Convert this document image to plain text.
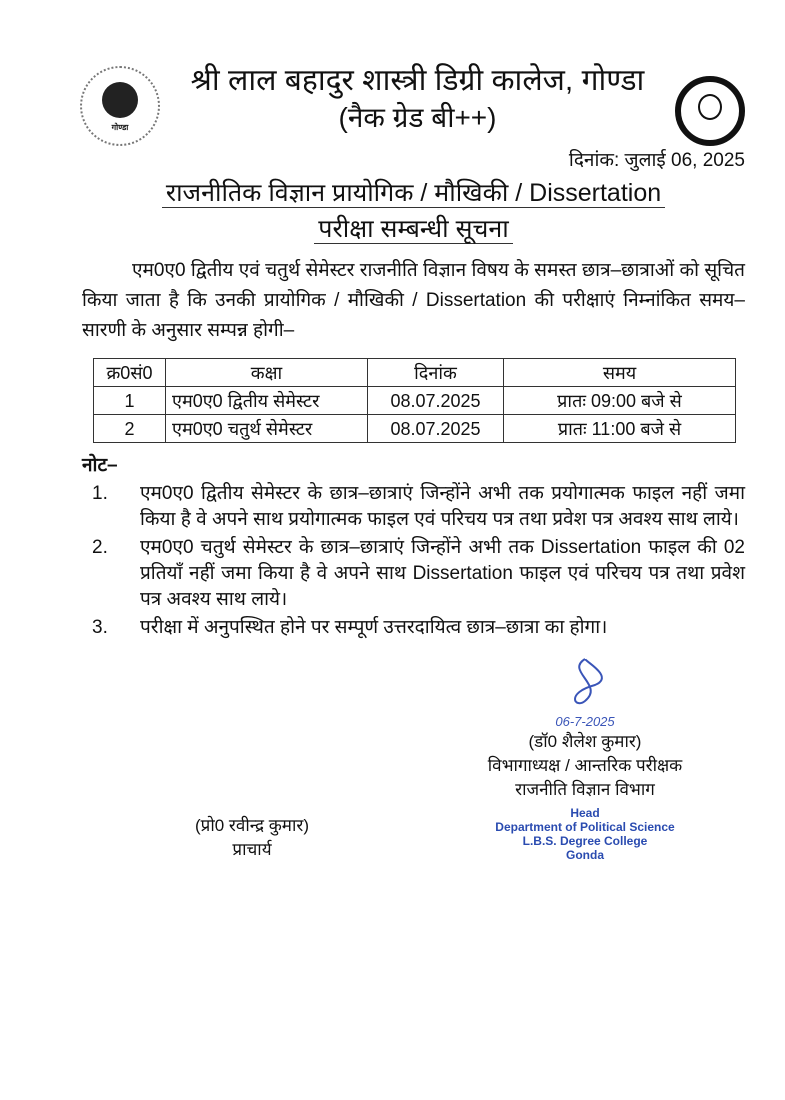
गोण्डा
श्री लाल बहादुर शास्त्री डिग्री कालेज, गोण्डा
(नैक ग्रेड बी++)
दिनांक: जुलाई 06, 2025
राजनीतिक विज्ञान प्रायोगिक / मौखिकी / Dissertation
परीक्षा सम्बन्धी सूचना

एम0ए0 द्वितीय एवं चतुर्थ सेमेस्टर राजनीति विज्ञान विषय के समस्त छात्र–छात्राओं को सूचित किया जाता है कि उनकी प्रायोगिक / मौखिकी / Dissertation की परीक्षाएं निम्नांकित समय–सारणी के अनुसार सम्पन्न होगी–

क्र0सं0	कक्षा	दिनांक	समय
1	एम0ए0 द्वितीय सेमेस्टर	08.07.2025	प्रातः 09:00 बजे से
2	एम0ए0 चतुर्थ सेमेस्टर	08.07.2025	प्रातः 11:00 बजे से
नोट–
1.	एम0ए0 द्वितीय सेमेस्टर के छात्र–छात्राएं जिन्होंने अभी तक प्रयोगात्मक फाइल नहीं जमा किया है वे अपने साथ प्रयोगात्मक फाइल एवं परिचय पत्र तथा प्रवेश पत्र अवश्य साथ लाये।
2.	एम0ए0 चतुर्थ सेमेस्टर के छात्र–छात्राएं जिन्होंने अभी तक Dissertation फाइल की 02 प्रतियाँ नहीं जमा किया है वे अपने साथ Dissertation फाइल एवं परिचय पत्र तथा प्रवेश पत्र अवश्य साथ लाये।
3.	परीक्षा में अनुपस्थित होने पर सम्पूर्ण उत्तरदायित्व छात्र–छात्रा का होगा।
(प्रो0 रवीन्द्र कुमार)
प्राचार्य
06-7-2025
(डॉ0 शैलेश कुमार)
विभागाध्यक्ष / आन्तरिक परीक्षक
राजनीति विज्ञान विभाग
Head
Department of Political Science
L.B.S. Degree College
Gonda
